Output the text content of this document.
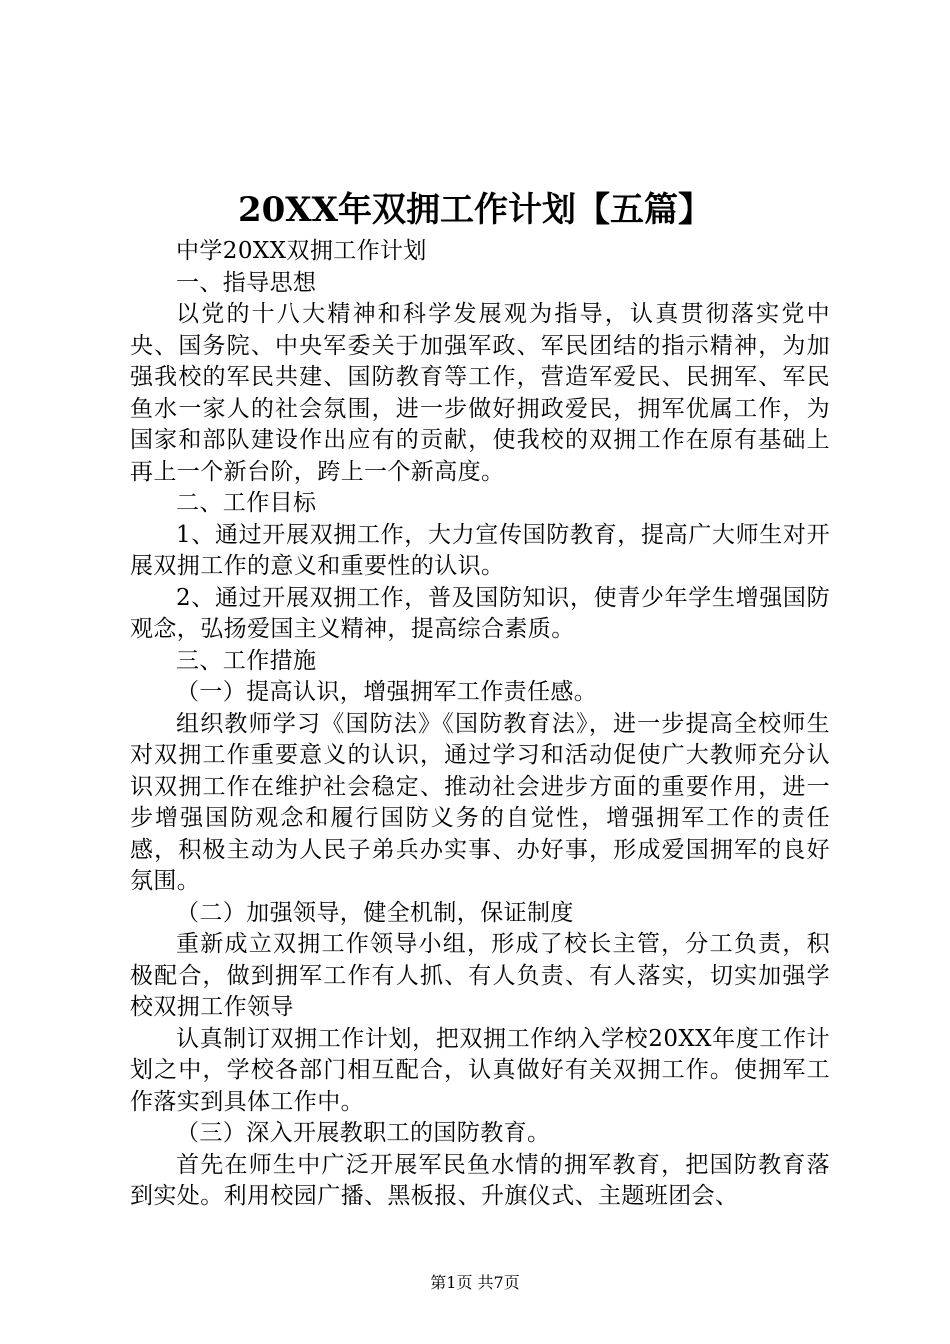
20XX年双拥工作计划【五篇】

中学20XX双拥工作计划

一、指导思想

以党的十八大精神和科学发展观为指导，认真贯彻落实党中央、国务院、中央军委关于加强军政、军民团结的指示精神，为加强我校的军民共建、国防教育等工作，营造军爱民、民拥军、军民鱼水一家人的社会氛围，进一步做好拥政爱民，拥军优属工作，为国家和部队建设作出应有的贡献，使我校的双拥工作在原有基础上再上一个新台阶，跨上一个新高度。

二、工作目标

1、通过开展双拥工作，大力宣传国防教育，提高广大师生对开展双拥工作的意义和重要性的认识。

2、通过开展双拥工作，普及国防知识，使青少年学生增强国防观念，弘扬爱国主义精神，提高综合素质。

三、工作措施

（一）提高认识，增强拥军工作责任感。

组织教师学习《国防法》《国防教育法》，进一步提高全校师生对双拥工作重要意义的认识，通过学习和活动促使广大教师充分认识双拥工作在维护社会稳定、推动社会进步方面的重要作用，进一步增强国防观念和履行国防义务的自觉性，增强拥军工作的责任感，积极主动为人民子弟兵办实事、办好事，形成爱国拥军的良好氛围。

（二）加强领导，健全机制，保证制度

重新成立双拥工作领导小组，形成了校长主管，分工负责，积极配合，做到拥军工作有人抓、有人负责、有人落实，切实加强学校双拥工作领导

认真制订双拥工作计划，把双拥工作纳入学校20XX年度工作计划之中，学校各部门相互配合，认真做好有关双拥工作。使拥军工作落实到具体工作中。

（三）深入开展教职工的国防教育。

首先在师生中广泛开展军民鱼水情的拥军教育，把国防教育落到实处。利用校园广播、黑板报、升旗仪式、主题班团会、

第1页 共7页
